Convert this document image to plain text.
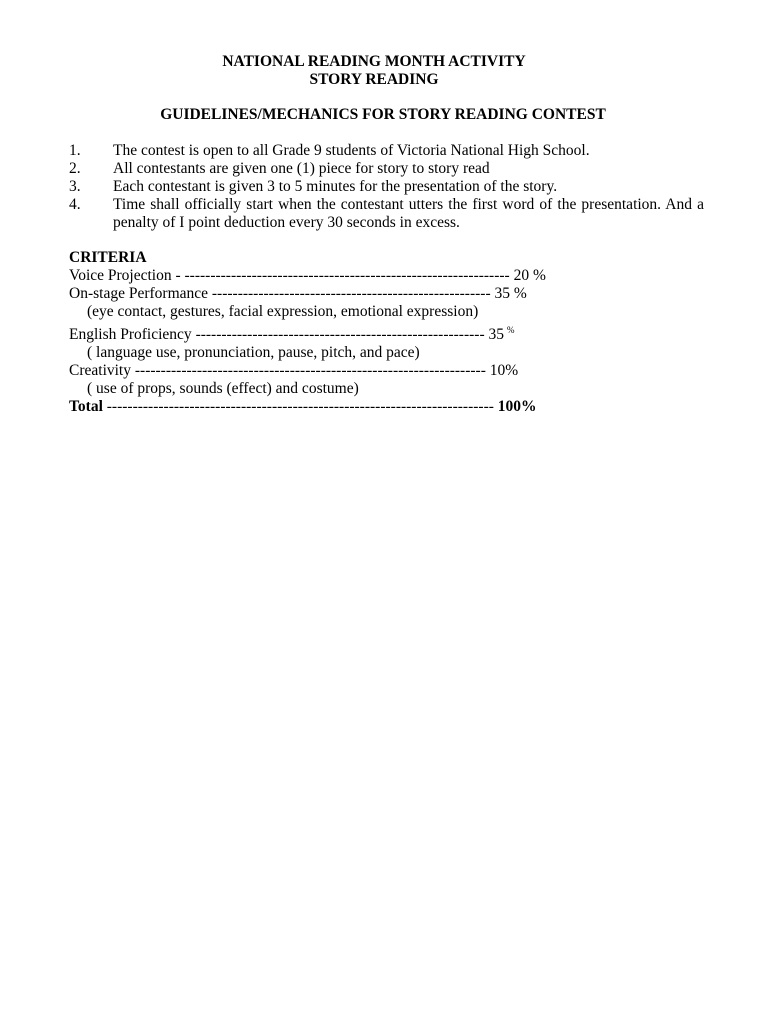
NATIONAL READING MONTH ACTIVITY
STORY READING
GUIDELINES/MECHANICS FOR STORY READING CONTEST
1. The contest is open to all Grade 9 students of Victoria National High School.
2. All contestants are given one (1) piece for story to story read
3. Each contestant is given 3 to 5 minutes for the presentation of the story.
4. Time shall officially start when the contestant utters the first word of the presentation. And a penalty of I point deduction every 30 seconds in excess.
CRITERIA
Voice Projection - --------------------------------------------------------------- 20 %
On-stage Performance ------------------------------------------------------ 35 %
(eye contact, gestures, facial expression, emotional expression)
English Proficiency -------------------------------------------------------- 35 %
( language use, pronunciation, pause, pitch, and pace)
Creativity -------------------------------------------------------------------- 10%
( use of props, sounds (effect) and costume)
Total --------------------------------------------------------------------------- 100%
